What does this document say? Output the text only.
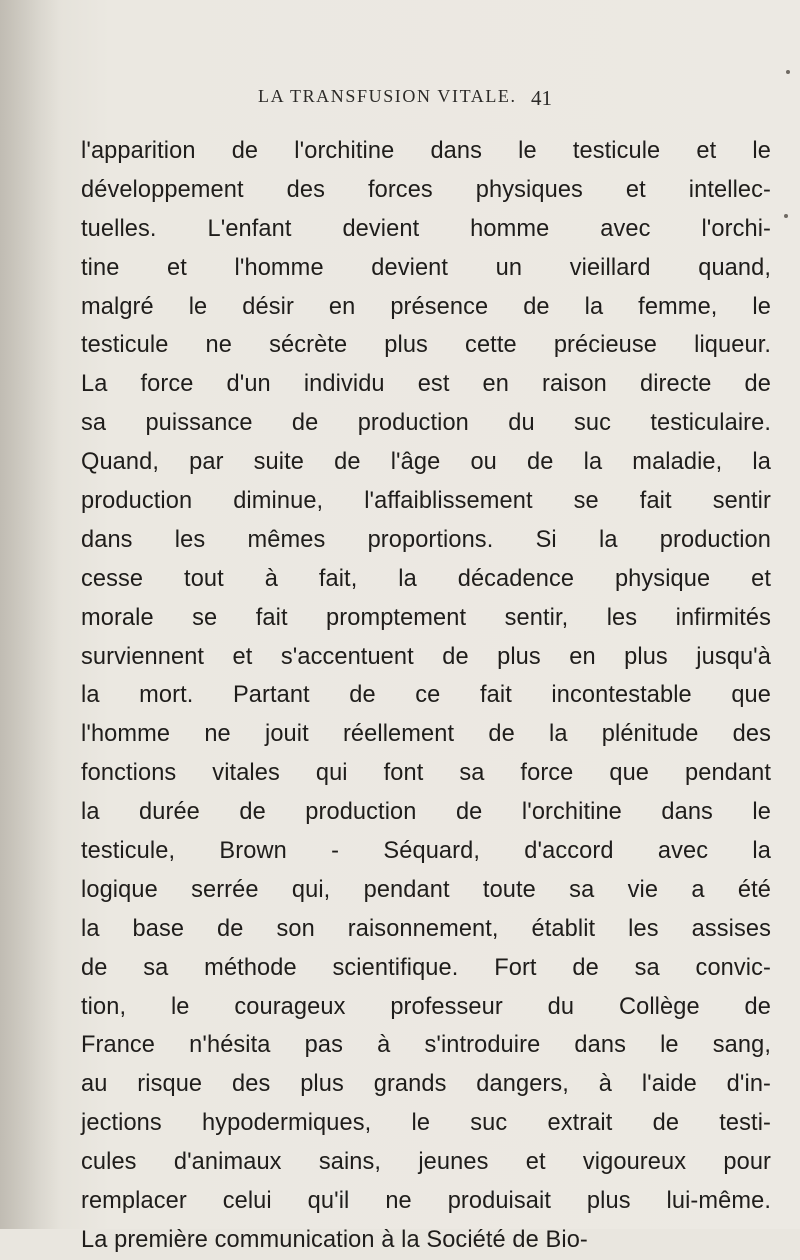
LA TRANSFUSION VITALE. 41
l'apparition de l'orchitine dans le testicule et le
développement des forces physiques et intellec-
tuelles. L'enfant devient homme avec l'orchi-
tine et l'homme devient un vieillard quand,
malgré le désir en présence de la femme, le
testicule ne sécrète plus cette précieuse liqueur.
La force d'un individu est en raison directe de
sa puissance de production du suc testiculaire.
Quand, par suite de l'âge ou de la maladie, la
production diminue, l'affaiblissement se fait sentir
dans les mêmes proportions. Si la production
cesse tout à fait, la décadence physique et
morale se fait promptement sentir, les infirmités
surviennent et s'accentuent de plus en plus jusqu'à
la mort. Partant de ce fait incontestable que
l'homme ne jouit réellement de la plénitude des
fonctions vitales qui font sa force que pendant
la durée de production de l'orchitine dans le
testicule, Brown - Séquard, d'accord avec la
logique serrée qui, pendant toute sa vie a été
la base de son raisonnement, établit les assises
de sa méthode scientifique. Fort de sa convic-
tion, le courageux professeur du Collège de
France n'hésita pas à s'introduire dans le sang,
au risque des plus grands dangers, à l'aide d'in-
jections hypodermiques, le suc extrait de testi-
cules d'animaux sains, jeunes et vigoureux pour
remplacer celui qu'il ne produisait plus lui-même.
La première communication à la Société de Bio-
